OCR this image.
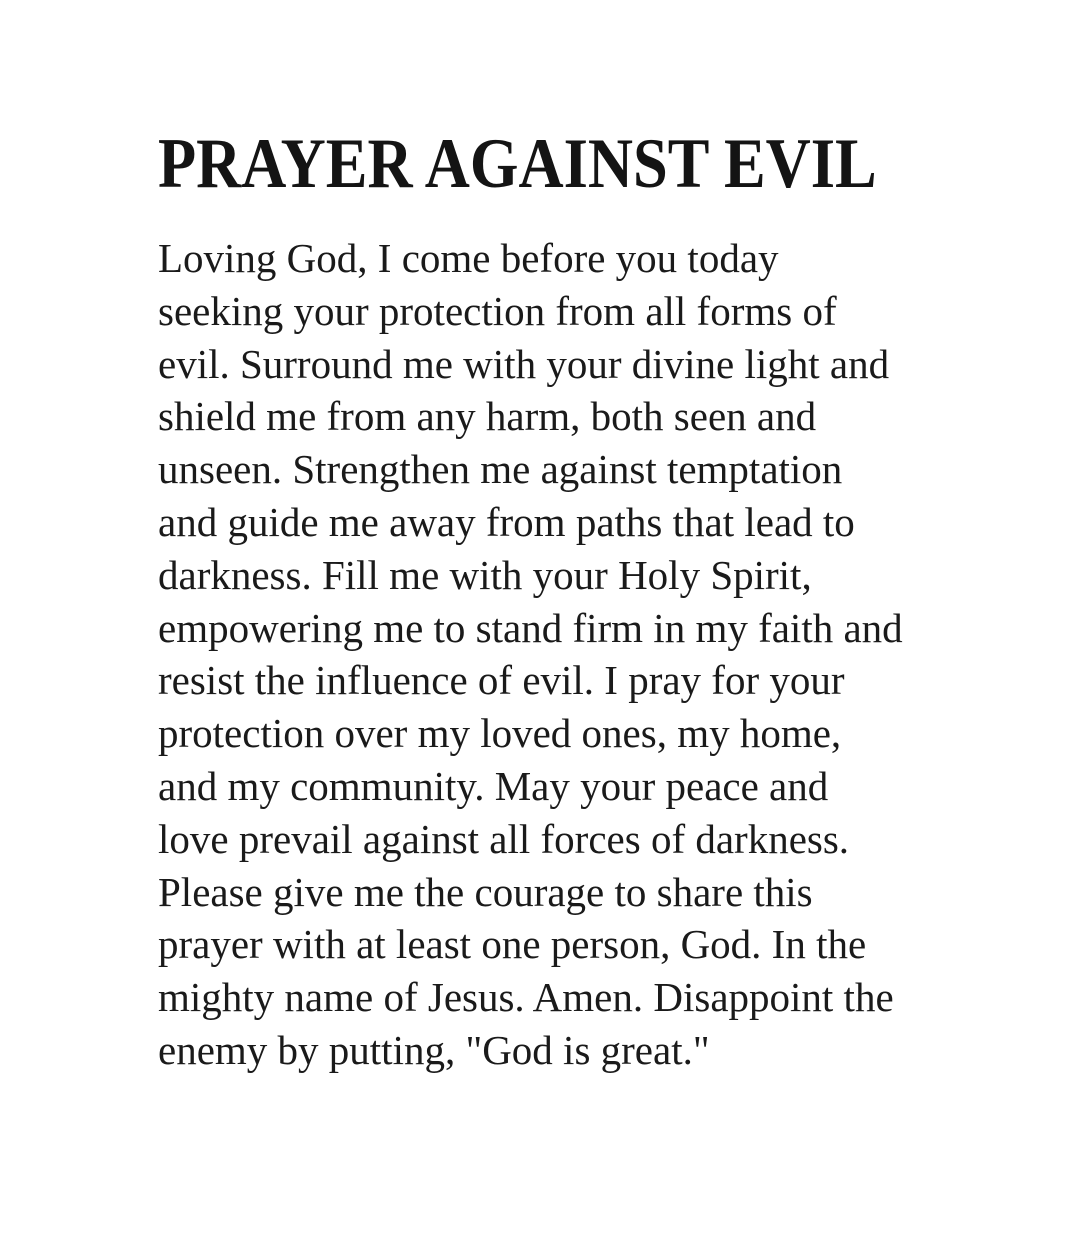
PRAYER AGAINST EVIL
Loving God, I come before you today
seeking your protection from all forms of
evil. Surround me with your divine light and
shield me from any harm, both seen and
unseen. Strengthen me against temptation
and guide me away from paths that lead to
darkness. Fill me with your Holy Spirit,
empowering me to stand firm in my faith and
resist the influence of evil. I pray for your
protection over my loved ones, my home,
and my community. May your peace and
love prevail against all forces of darkness.
Please give me the courage to share this
prayer with at least one person, God. In the
mighty name of Jesus. Amen. Disappoint the
enemy by putting, "God is great."
